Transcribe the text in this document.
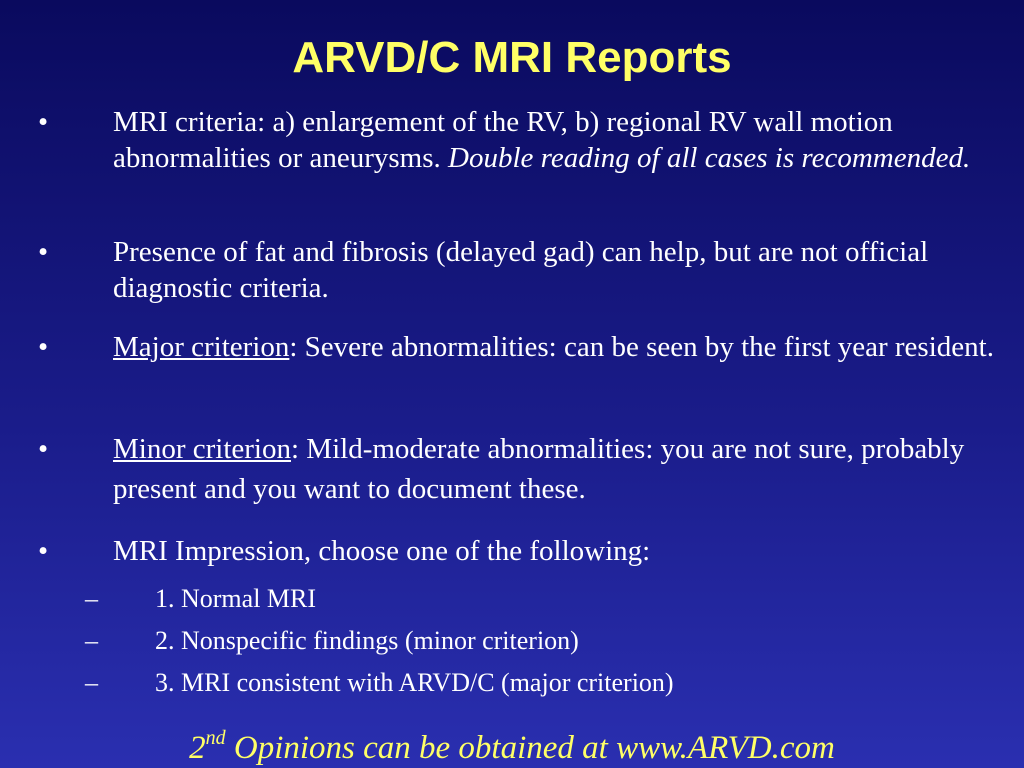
ARVD/C MRI Reports
• MRI criteria: a) enlargement of the RV, b) regional RV wall motion abnormalities or aneurysms. Double reading of all cases is recommended.
• Presence of fat and fibrosis (delayed gad) can help, but are not official diagnostic criteria.
• Major criterion: Severe abnormalities: can be seen by the first year resident.
• Minor criterion: Mild-moderate abnormalities: you are not sure, probably present and you want to document these.
• MRI Impression, choose one of the following:
– 1. Normal MRI
– 2. Nonspecific findings (minor criterion)
– 3. MRI consistent with ARVD/C (major criterion)
2nd Opinions can be obtained at www.ARVD.com
